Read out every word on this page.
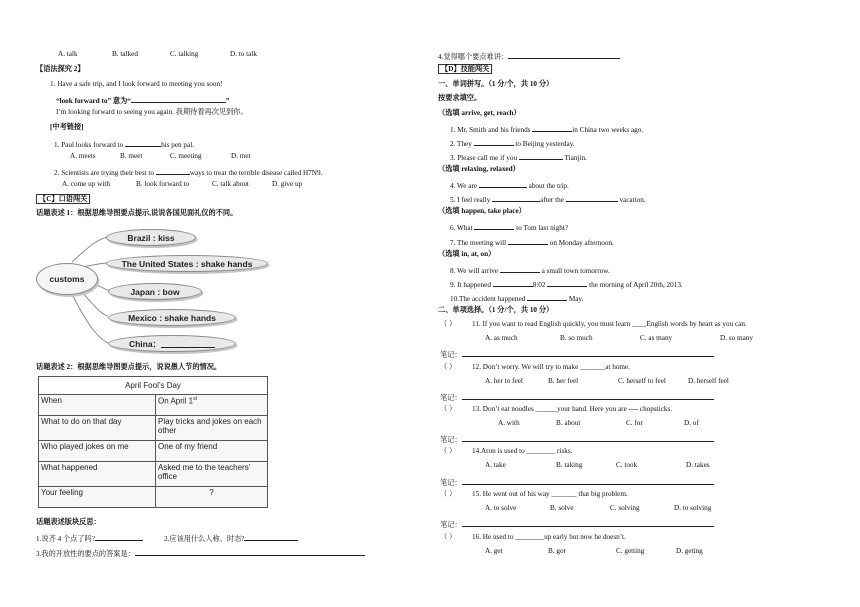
A. talk	B. talked	C. talking	D. to talk
【语法探究 2】
1. Have a safe trip, and I look forward to meeting you soon!
“look forward to” 意为“	”
I’m looking forward to seeing you again. 我期待着再次见到你。
[中考链接]
1. Paul looks forward to	his pen pal.
A. meets	B. meet	C. meeting	D. met
2. Scientists are trying their best to	ways to treat the terrible disease called H7N9.
A. come up with	B. look forward to	C. talk about	D. give up
【C】口语闯关
话题表述 1：根据思维导图要点提示,说说各国见面礼仪的不同。
customs
Brazil : kiss
The United States : shake hands
Japan : bow
Mexico : shake hands
China：
话题表述 2：根据思维导图要点提示，说说愚人节的情况。
April Fool’s Day	
When	On April 1st
What to do on that day	Play tricks and jokes on each other
Who played jokes on me	One of my friend
What happened	Asked me to the teachers’ office
Your feeling	?
话题表述版块反思：
1.说齐 4 个点了吗?	2.应该用什么人称、时态?
3.我的开放性的要点的答案是：
4.觉得哪个要点难讲：
【D】技能闯关
一、单词拼写。（1 分/个，共 10 分）
按要求填空。
（选填 arrive, get, reach）
1. Mr. Smith and his friends	in China two weeks ago.
2. They	to Beijing yesterday.
3. Please call me if you	Tianjin.
（选填 relaxing, relaxed）
4. We are	about the trip.
5. I feel really	after the	vacation.
（选填 happen, take place）
6. What	to Tom last night?
7. The meeting will	on Monday afternoon.
（选填 in, at, on）
8. We will arrive	a small town tomorrow.
9. It happened	8:02	the morning of April 20th, 2013.
10.The accident happened	May.
二、单项选择。（1 分/个，共 10 分）
（ ） 11. If you want to read English quickly, you must learn ____English words by heart as you can.
A. as much	B. so much	C. as many	D. so many
笔记：
（ ） 12. Don’t worry. We will try to make _______at home.
A. her to feel	B. her feel	C. herself to feel	D. herself feel
笔记：
（ ） 13. Don’t eat noodles ______your hand. Here you are ---- chopsticks.
A. with	B. about	C. for	D. of
笔记：
（ ） 14.Aron is used to ________ risks.
A. take	B. taking	C. took	D. takes
笔记：
（ ） 15. He went out of his way _______ that big problem.
A. to solve	B. solve	C. solving	D. to solving
笔记：
（ ） 16. He used to ________up early but now he doesn’t.
A. get	B. got	C. getting	D. geting
